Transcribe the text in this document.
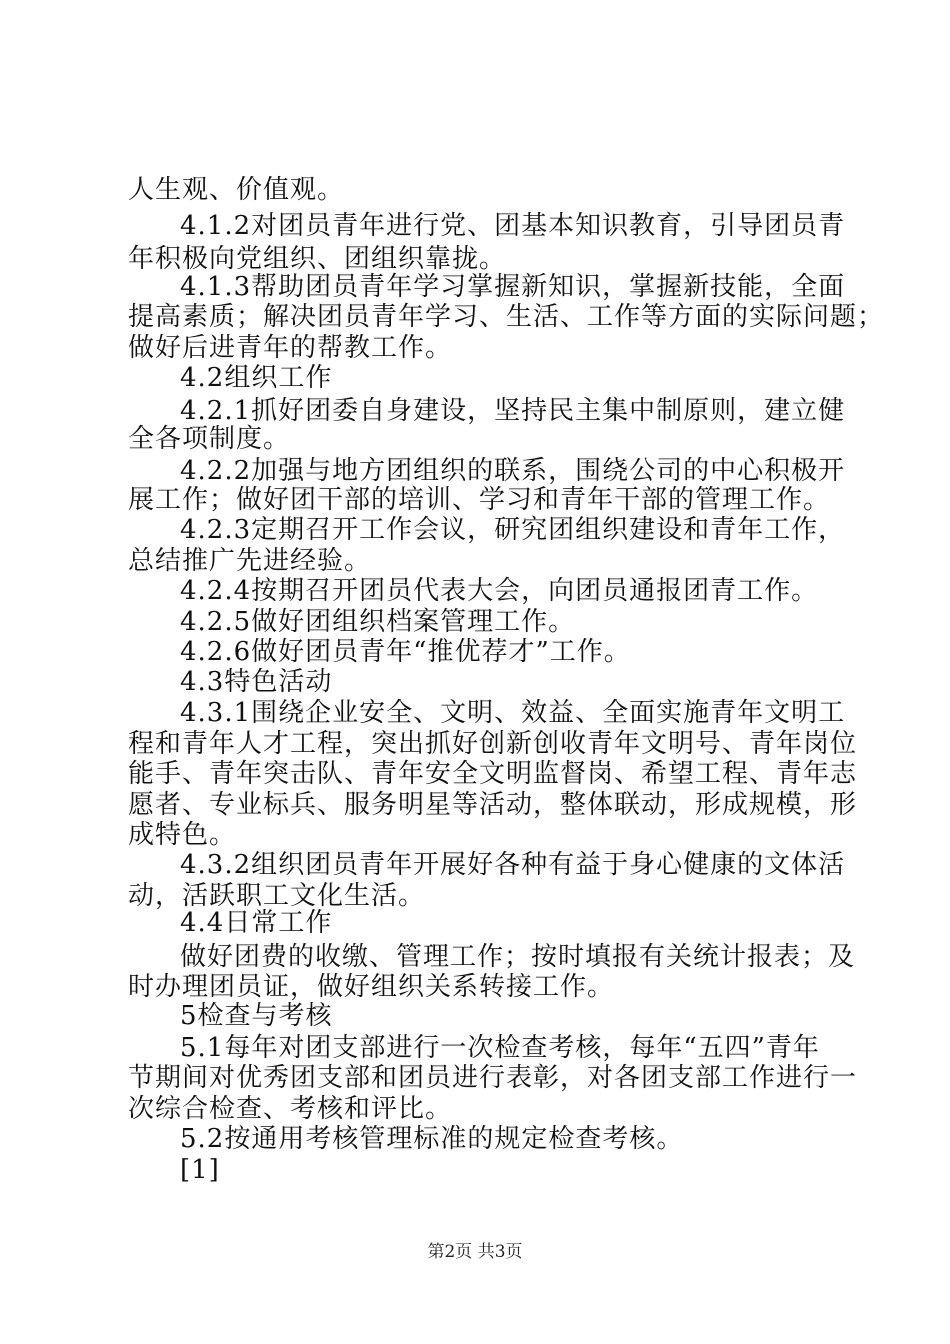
人生观、价值观。
4.1.2对团员青年进行党、团基本知识教育，引导团员青
年积极向党组织、团组织靠拢。
4.1.3帮助团员青年学习掌握新知识，掌握新技能，全面
提高素质；解决团员青年学习、生活、工作等方面的实际问题；
做好后进青年的帮教工作。
4.2组织工作
4.2.1抓好团委自身建设，坚持民主集中制原则，建立健
全各项制度。
4.2.2加强与地方团组织的联系，围绕公司的中心积极开
展工作；做好团干部的培训、学习和青年干部的管理工作。
4.2.3定期召开工作会议，研究团组织建设和青年工作，
总结推广先进经验。
4.2.4按期召开团员代表大会，向团员通报团青工作。
4.2.5做好团组织档案管理工作。
4.2.6做好团员青年“推优荐才”工作。
4.3特色活动
4.3.1围绕企业安全、文明、效益、全面实施青年文明工
程和青年人才工程，突出抓好创新创收青年文明号、青年岗位
能手、青年突击队、青年安全文明监督岗、希望工程、青年志
愿者、专业标兵、服务明星等活动，整体联动，形成规模，形
成特色。
4.3.2组织团员青年开展好各种有益于身心健康的文体活
动，活跃职工文化生活。
4.4日常工作
做好团费的收缴、管理工作；按时填报有关统计报表；及
时办理团员证，做好组织关系转接工作。
5检查与考核
5.1每年对团支部进行一次检查考核，每年“五四”青年
节期间对优秀团支部和团员进行表彰，对各团支部工作进行一
次综合检查、考核和评比。
5.2按通用考核管理标准的规定检查考核。
[1]
第2页 共3页
